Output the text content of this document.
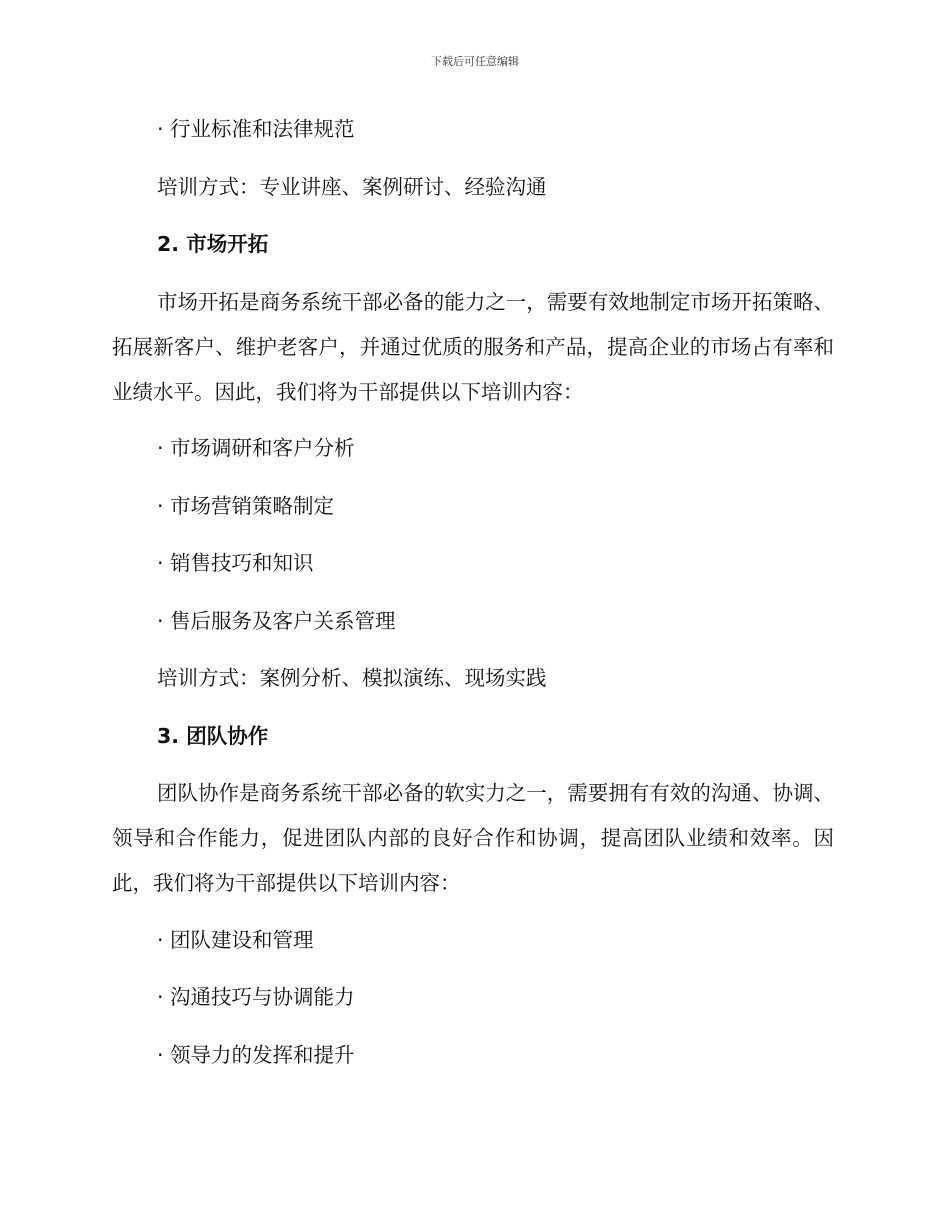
下载后可任意编辑
· 行业标准和法律规范
培训方式：专业讲座、案例研讨、经验沟通
2. 市场开拓
市场开拓是商务系统干部必备的能力之一，需要有效地制定市场开拓策略、拓展新客户、维护老客户，并通过优质的服务和产品，提高企业的市场占有率和业绩水平。因此，我们将为干部提供以下培训内容：
· 市场调研和客户分析
· 市场营销策略制定
· 销售技巧和知识
· 售后服务及客户关系管理
培训方式：案例分析、模拟演练、现场实践
3. 团队协作
团队协作是商务系统干部必备的软实力之一，需要拥有有效的沟通、协调、领导和合作能力，促进团队内部的良好合作和协调，提高团队业绩和效率。因此，我们将为干部提供以下培训内容：
· 团队建设和管理
· 沟通技巧与协调能力
· 领导力的发挥和提升
